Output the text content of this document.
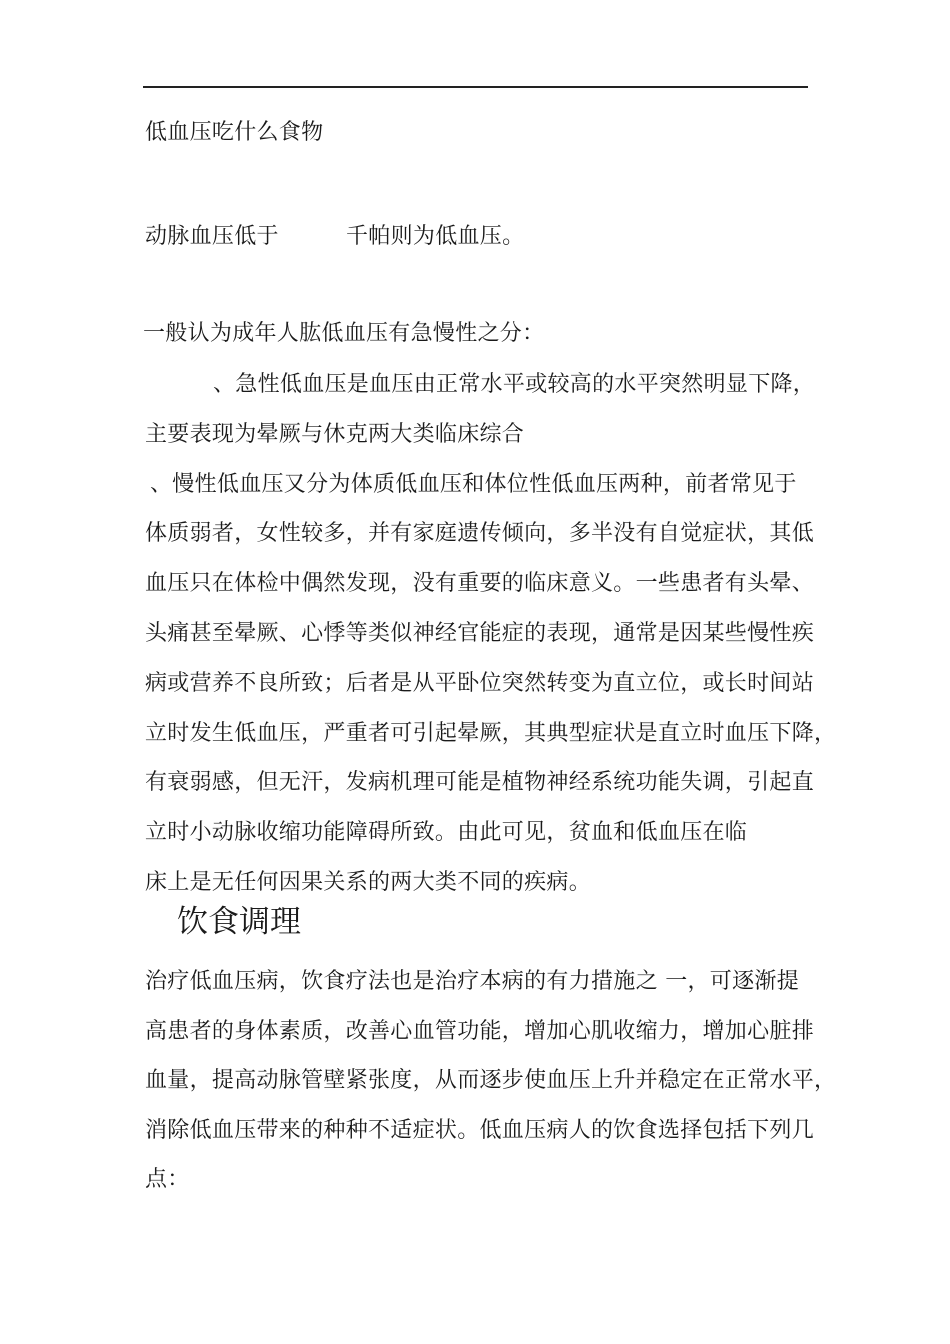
低血压吃什么食物
动脉血压低于	千帕则为低血压。
一般认为成年人肱低血压有急慢性之分：
、急性低血压是血压由正常水平或较高的水平突然明显下降，
主要表现为晕厥与休克两大类临床综合
、慢性低血压又分为体质低血压和体位性低血压两种，前者常见于
体质弱者，女性较多，并有家庭遗传倾向，多半没有自觉症状，其低
血压只在体检中偶然发现，没有重要的临床意义。一些患者有头晕、
头痛甚至晕厥、心悸等类似神经官能症的表现，通常是因某些慢性疾
病或营养不良所致；后者是从平卧位突然转变为直立位，或长时间站
立时发生低血压，严重者可引起晕厥，其典型症状是直立时血压下降，
有衰弱感，但无汗，发病机理可能是植物神经系统功能失调，引起直
立时小动脉收缩功能障碍所致。由此可见，贫血和低血压在临
床上是无任何因果关系的两大类不同的疾病。
饮食调理
治疗低血压病，饮食疗法也是治疗本病的有力措施之 一，可逐渐提
高患者的身体素质，改善心血管功能，增加心肌收缩力，增加心脏排
血量，提高动脉管壁紧张度，从而逐步使血压上升并稳定在正常水平，
消除低血压带来的种种不适症状。低血压病人的饮食选择包括下列几
点：
